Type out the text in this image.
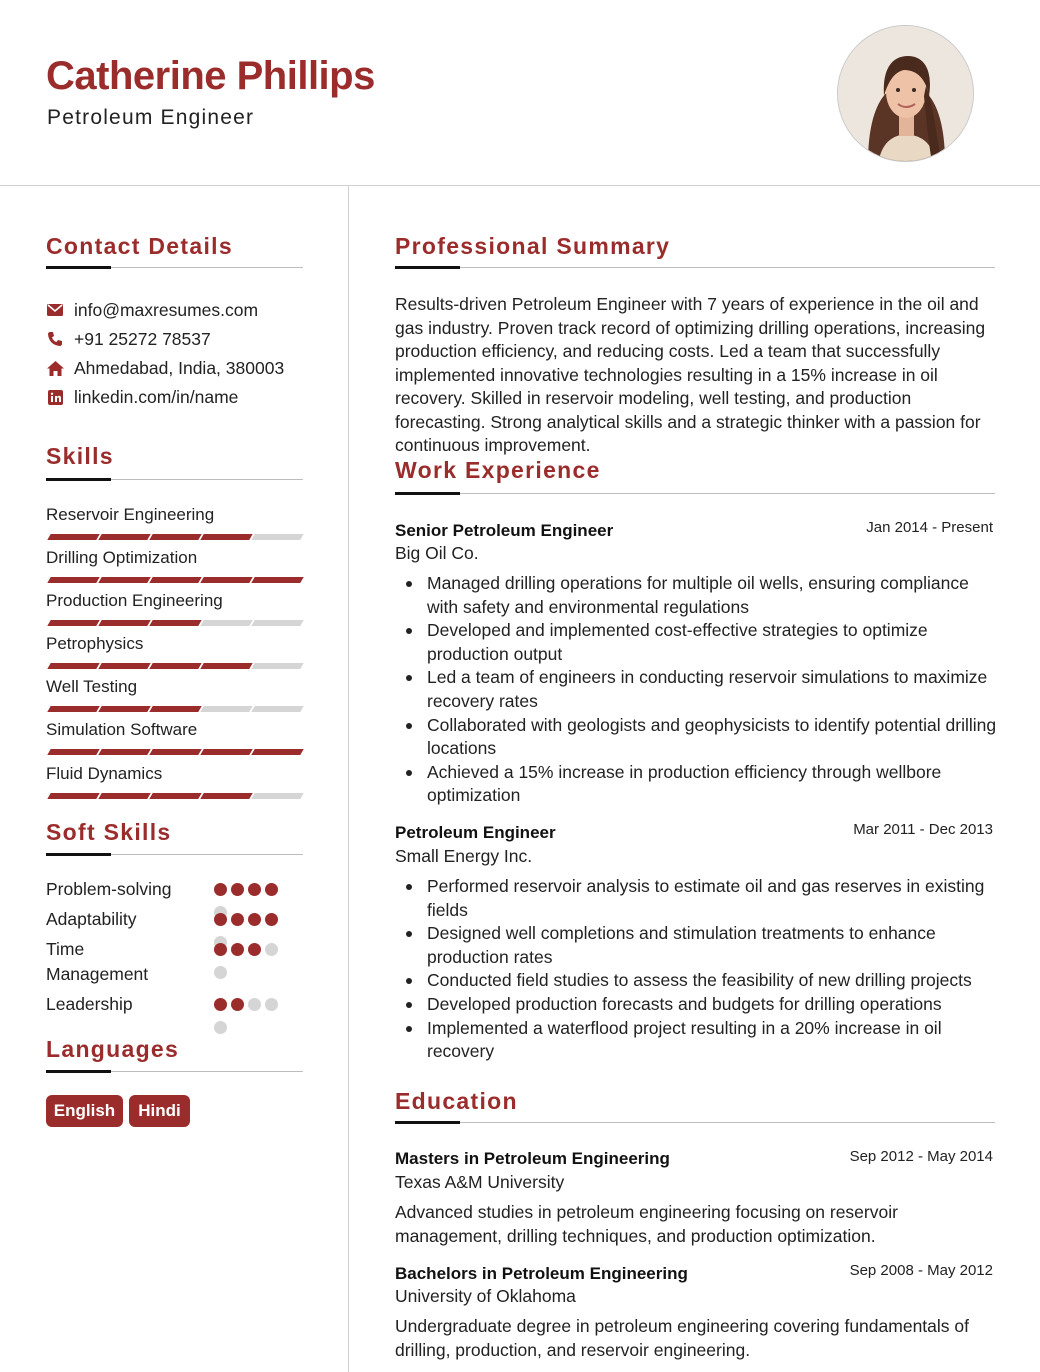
Catherine Phillips
Petroleum Engineer
Contact Details
info@maxresumes.com
+91 25272 78537
Ahmedabad, India, 380003
linkedin.com/in/name
Skills
Reservoir Engineering
Drilling Optimization
Production Engineering
Petrophysics
Well Testing
Simulation Software
Fluid Dynamics
Soft Skills
Problem-solving
Adaptability
Time Management
Leadership
Languages
English	Hindi
Professional Summary
Results-driven Petroleum Engineer with 7 years of experience in the oil and gas industry. Proven track record of optimizing drilling operations, increasing production efficiency, and reducing costs. Led a team that successfully implemented innovative technologies resulting in a 15% increase in oil recovery. Skilled in reservoir modeling, well testing, and production forecasting. Strong analytical skills and a strategic thinker with a passion for continuous improvement.
Work Experience
Senior Petroleum Engineer	Jan 2014 - Present
Big Oil Co.
Managed drilling operations for multiple oil wells, ensuring compliance with safety and environmental regulations
Developed and implemented cost-effective strategies to optimize production output
Led a team of engineers in conducting reservoir simulations to maximize recovery rates
Collaborated with geologists and geophysicists to identify potential drilling locations
Achieved a 15% increase in production efficiency through wellbore optimization
Petroleum Engineer	Mar 2011 - Dec 2013
Small Energy Inc.
Performed reservoir analysis to estimate oil and gas reserves in existing fields
Designed well completions and stimulation treatments to enhance production rates
Conducted field studies to assess the feasibility of new drilling projects
Developed production forecasts and budgets for drilling operations
Implemented a waterflood project resulting in a 20% increase in oil recovery
Education
Masters in Petroleum Engineering	Sep 2012 - May 2014
Texas A&M University
Advanced studies in petroleum engineering focusing on reservoir management, drilling techniques, and production optimization.
Bachelors in Petroleum Engineering	Sep 2008 - May 2012
University of Oklahoma
Undergraduate degree in petroleum engineering covering fundamentals of drilling, production, and reservoir engineering.
